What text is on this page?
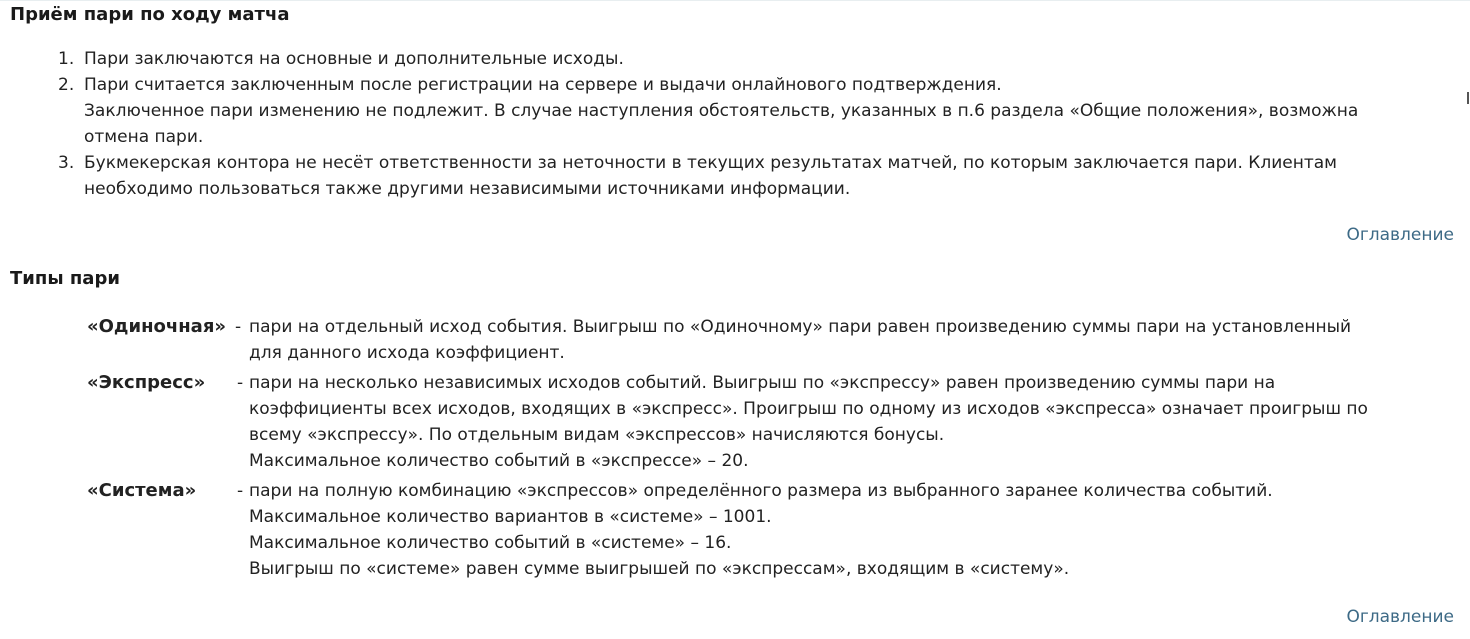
Приём пари по ходу матча
1. Пари заключаются на основные и дополнительные исходы.
2. Пари считается заключенным после регистрации на сервере и выдачи онлайнового подтверждения.
Заключенное пари изменению не подлежит. В случае наступления обстоятельств, указанных в п.6 раздела «Общие положения», возможна
отмена пари.
3. Букмекерская контора не несёт ответственности за неточности в текущих результатах матчей, по которым заключается пари. Клиентам
необходимо пользоваться также другими независимыми источниками информации.
Оглавление
Типы пари
«Одиночная» - пари на отдельный исход события. Выигрыш по «Одиночному» пари равен произведению суммы пари на установленный
для данного исхода коэффициент.
«Экспресс» - пари на несколько независимых исходов событий. Выигрыш по «экспрессу» равен произведению суммы пари на
коэффициенты всех исходов, входящих в «экспресс». Проигрыш по одному из исходов «экспресса» означает проигрыш по
всему «экспрессу». По отдельным видам «экспрессов» начисляются бонусы.
Максимальное количество событий в «экспрессе» – 20.
«Система» - пари на полную комбинацию «экспрессов» определённого размера из выбранного заранее количества событий.
Максимальное количество вариантов в «системе» – 1001.
Максимальное количество событий в «системе» – 16.
Выигрыш по «системе» равен сумме выигрышей по «экспрессам», входящим в «систему».
Оглавление
